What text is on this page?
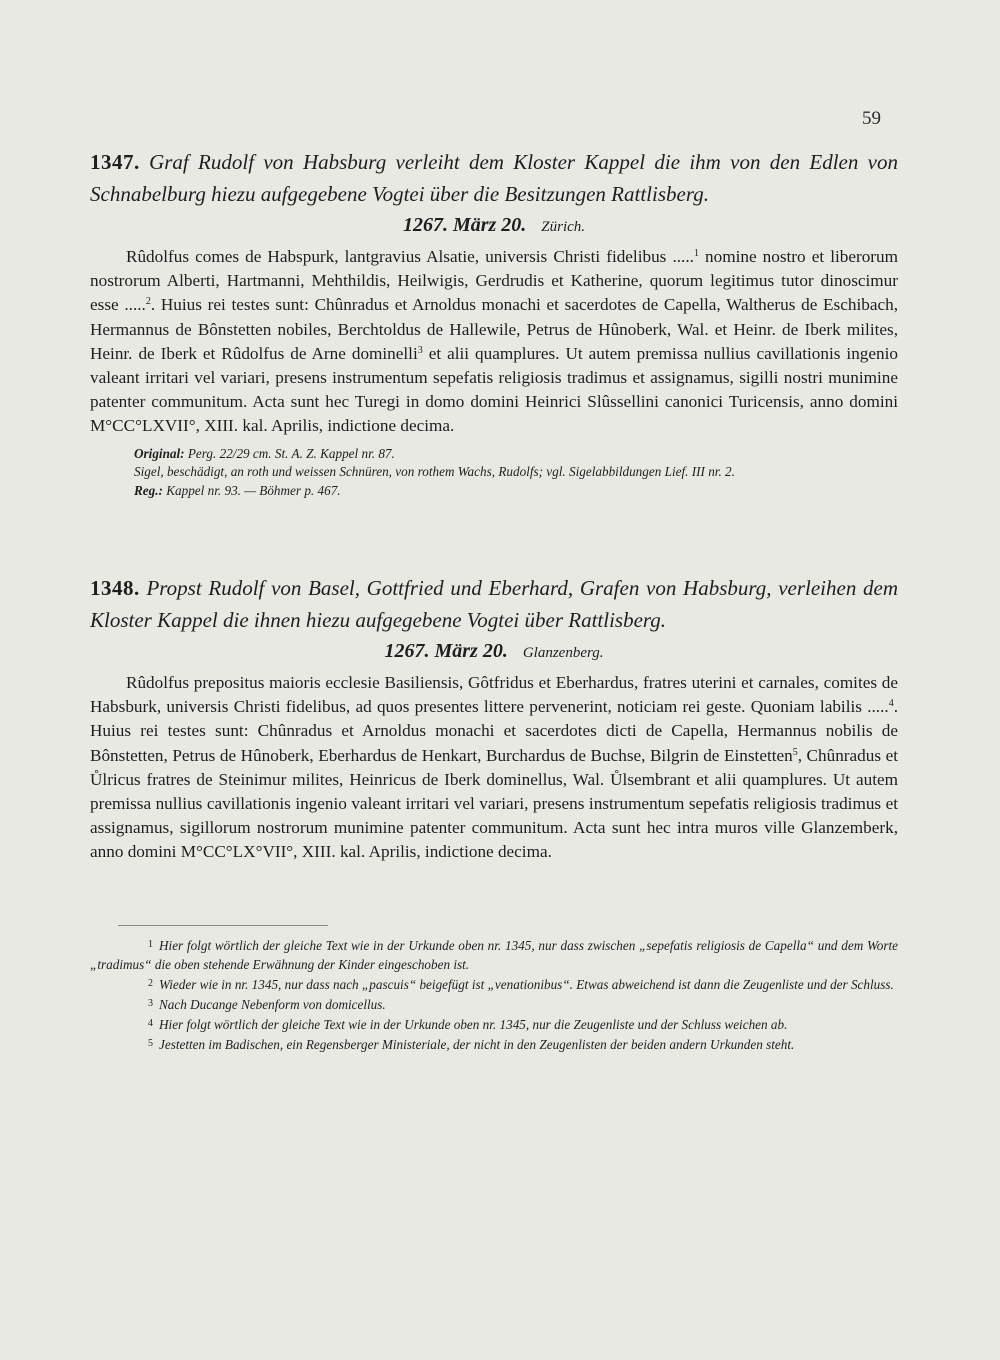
59

1347. Graf Rudolf von Habsburg verleiht dem Kloster Kappel die ihm von den Edlen von Schnabelburg hiezu aufgegebene Vogtei über die Besitzungen Rattlisberg.

1267. März 20. Zürich.

Rûdolfus comes de Habspurk, lantgravius Alsatie, universis Christi fidelibus .....$^1$ nomine nostro et liberorum nostrorum Alberti, Hartmanni, Mehthildis, Heilwigis, Gerdrudis et Katherine, quorum legitimus tutor dinoscimur esse .....$^2$. Huius rei testes sunt: Chûnradus et Arnoldus monachi et sacerdotes de Capella, Waltherus de Eschibach, Hermannus de Bônstetten nobiles, Berchtoldus de Hallewile, Petrus de Hûnoberk, Wal. et Heinr. de Iberk milites, Heinr. de Iberk et Rûdolfus de Arne dominelli$^3$ et alii quamplures. Ut autem premissa nullius cavillationis ingenio valeant irritari vel variari, presens instrumentum sepefatis religiosis tradimus et assignamus, sigilli nostri munimine patenter communitum. Acta sunt hec Turegi in domo domini Heinrici Slûssellini canonici Turicensis, anno domini M°CC°LXVII°, XIII. kal. Aprilis, indictione decima.

Original: Perg. 22/29 cm. St. A. Z. Kappel nr. 87.

Sigel, beschädigt, an roth und weissen Schnüren, von rothem Wachs, Rudolfs; vgl. Sigelabbildungen Lief. III nr. 2.

Reg.: Kappel nr. 93. — Böhmer p. 467.

1348. Propst Rudolf von Basel, Gottfried und Eberhard, Grafen von Habsburg, verleihen dem Kloster Kappel die ihnen hiezu aufgegebene Vogtei über Rattlisberg.

1267. März 20. Glanzenberg.

Rûdolfus prepositus maioris ecclesie Basiliensis, Gôtfridus et Eberhardus, fratres uterini et carnales, comites de Habsburk, universis Christi fidelibus, ad quos presentes littere pervenerint, noticiam rei geste. Quoniam labilis .....$^4$. Huius rei testes sunt: Chûnradus et Arnoldus monachi et sacerdotes dicti de Capella, Hermannus nobilis de Bônstetten, Petrus de Hûnoberk, Eberhardus de Henkart, Burchardus de Buchse, Bilgrin de Einstetten$^5$, Chûnradus et Ůlricus fratres de Steinimur milites, Heinricus de Iberk dominellus, Wal. Ůlsembrant et alii quamplures. Ut autem premissa nullius cavillationis ingenio valeant irritari vel variari, presens instrumentum sepefatis religiosis tradimus et assignamus, sigillorum nostrorum munimine patenter communitum. Acta sunt hec intra muros ville Glanzemberk, anno domini M°CC°LX°VII°, XIII. kal. Aprilis, indictione decima.

$^1$ Hier folgt wörtlich der gleiche Text wie in der Urkunde oben nr. 1345, nur dass zwischen „sepefatis religiosis de Capella“ und dem Worte „tradimus“ die oben stehende Erwähnung der Kinder eingeschoben ist.

$^2$ Wieder wie in nr. 1345, nur dass nach „pascuis“ beigefügt ist „venationibus“. Etwas abweichend ist dann die Zeugenliste und der Schluss.

$^3$ Nach Ducange Nebenform von domicellus.

$^4$ Hier folgt wörtlich der gleiche Text wie in der Urkunde oben nr. 1345, nur die Zeugenliste und der Schluss weichen ab.

$^5$ Jestetten im Badischen, ein Regensberger Ministeriale, der nicht in den Zeugenlisten der beiden andern Urkunden steht.
